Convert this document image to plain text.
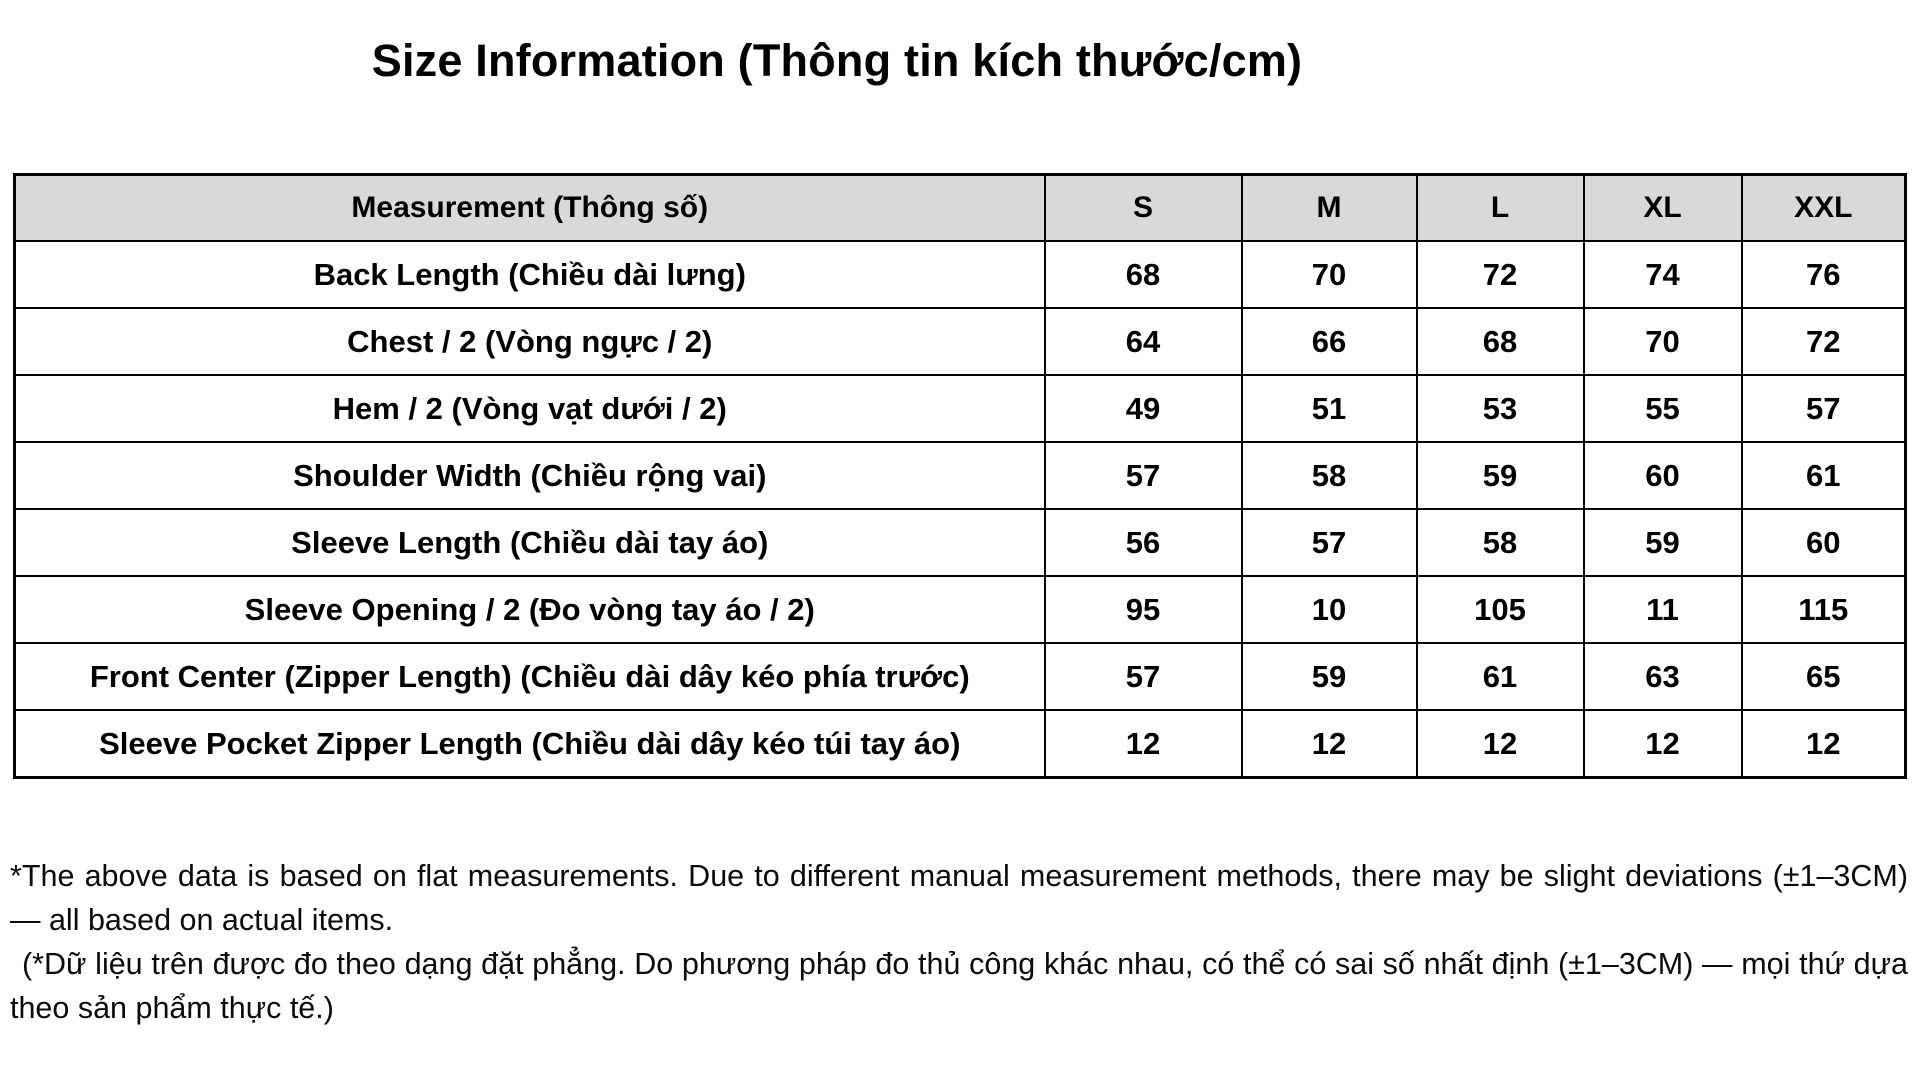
Size Information (Thông tin kích thước/cm)
Measurement (Thông số)	S	M	L	XL	XXL
Back Length (Chiều dài lưng)	68	70	72	74	76
Chest / 2 (Vòng ngực / 2)	64	66	68	70	72
Hem / 2 (Vòng vạt dưới / 2)	49	51	53	55	57
Shoulder Width (Chiều rộng vai)	57	58	59	60	61
Sleeve Length (Chiều dài tay áo)	56	57	58	59	60
Sleeve Opening / 2 (Đo vòng tay áo / 2)	95	10	105	11	115
Front Center (Zipper Length) (Chiều dài dây kéo phía trước)	57	59	61	63	65
Sleeve Pocket Zipper Length (Chiều dài dây kéo túi tay áo)	12	12	12	12	12

*The above data is based on flat measurements. Due to different manual measurement methods, there may be slight deviations (±1–3CM) — all based on actual items.

(*Dữ liệu trên được đo theo dạng đặt phẳng. Do phương pháp đo thủ công khác nhau, có thể có sai số nhất định (±1–3CM) — mọi thứ dựa theo sản phẩm thực tế.)
